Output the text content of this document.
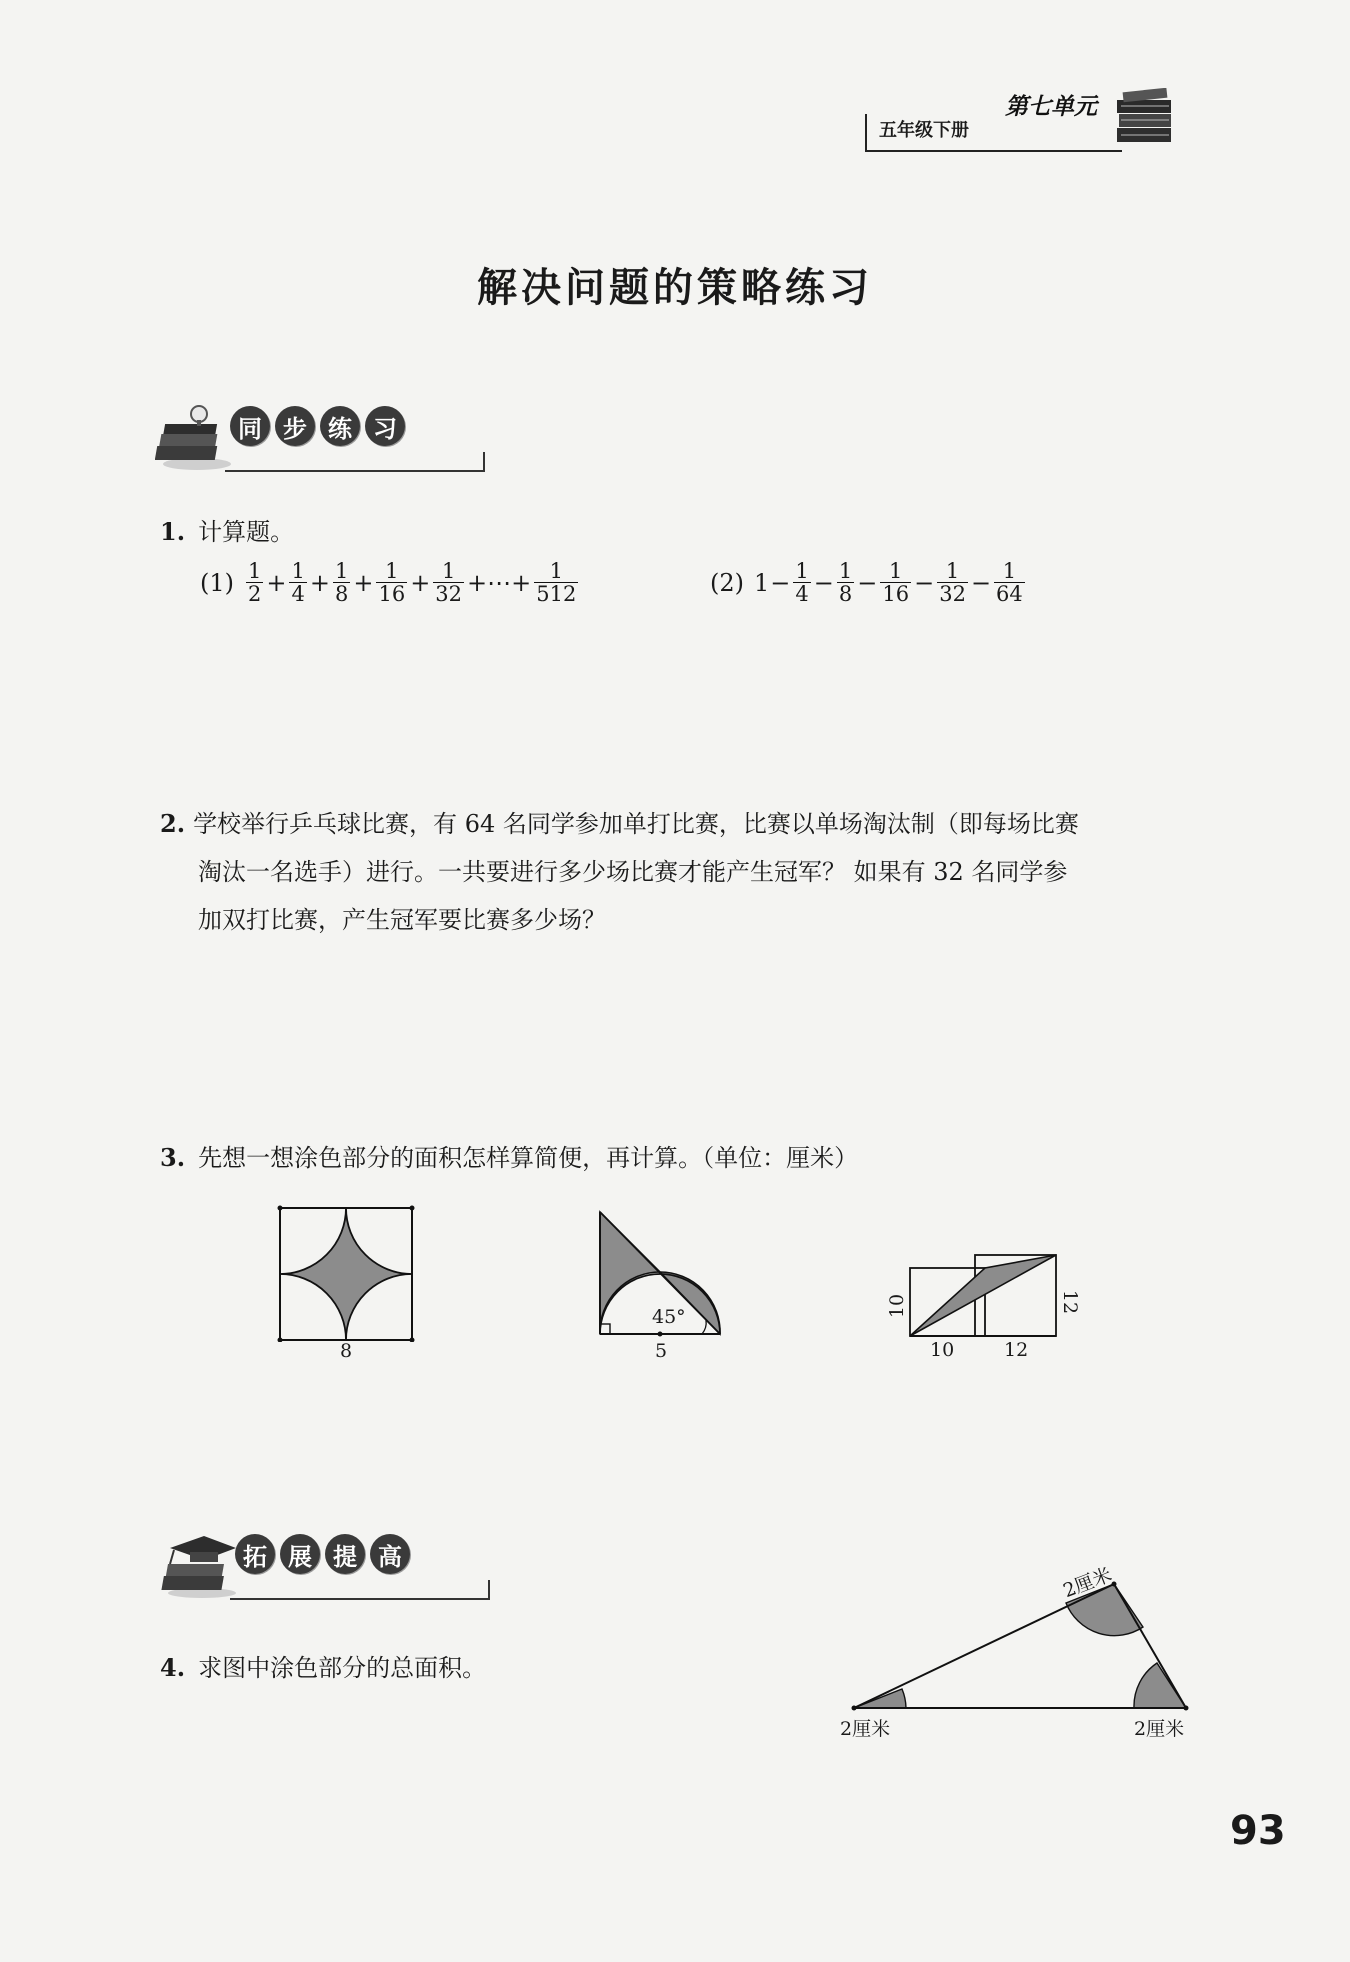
五年级下册
第七单元
解决问题的策略练习
同 步 练 习
1. 计算题。
$(1) \frac{1}{2} + \frac{1}{4} + \frac{1}{8} + \frac{1}{16} + \frac{1}{32}$ +⋯+ $\frac{1}{512}$	(2) $1 - \frac{1}{4} - \frac{1}{8} - \frac{1}{16} - \frac{1}{32} - \frac{1}{64}$
2. 学校举行乒乓球比赛，有 64 名同学参加单打比赛，比赛以单场淘汰制（即每场比赛
淘汰一名选手）进行。一共要进行多少场比赛才能产生冠军？ 如果有 32 名同学参
加双打比赛，产生冠军要比赛多少场？
3. 先想一想涂色部分的面积怎样算简便，再计算。（单位：厘米）
8
45°
5
10	12
10	12
拓 展 提 高
4. 求图中涂色部分的总面积。
2厘米
2厘米	2厘米
93
